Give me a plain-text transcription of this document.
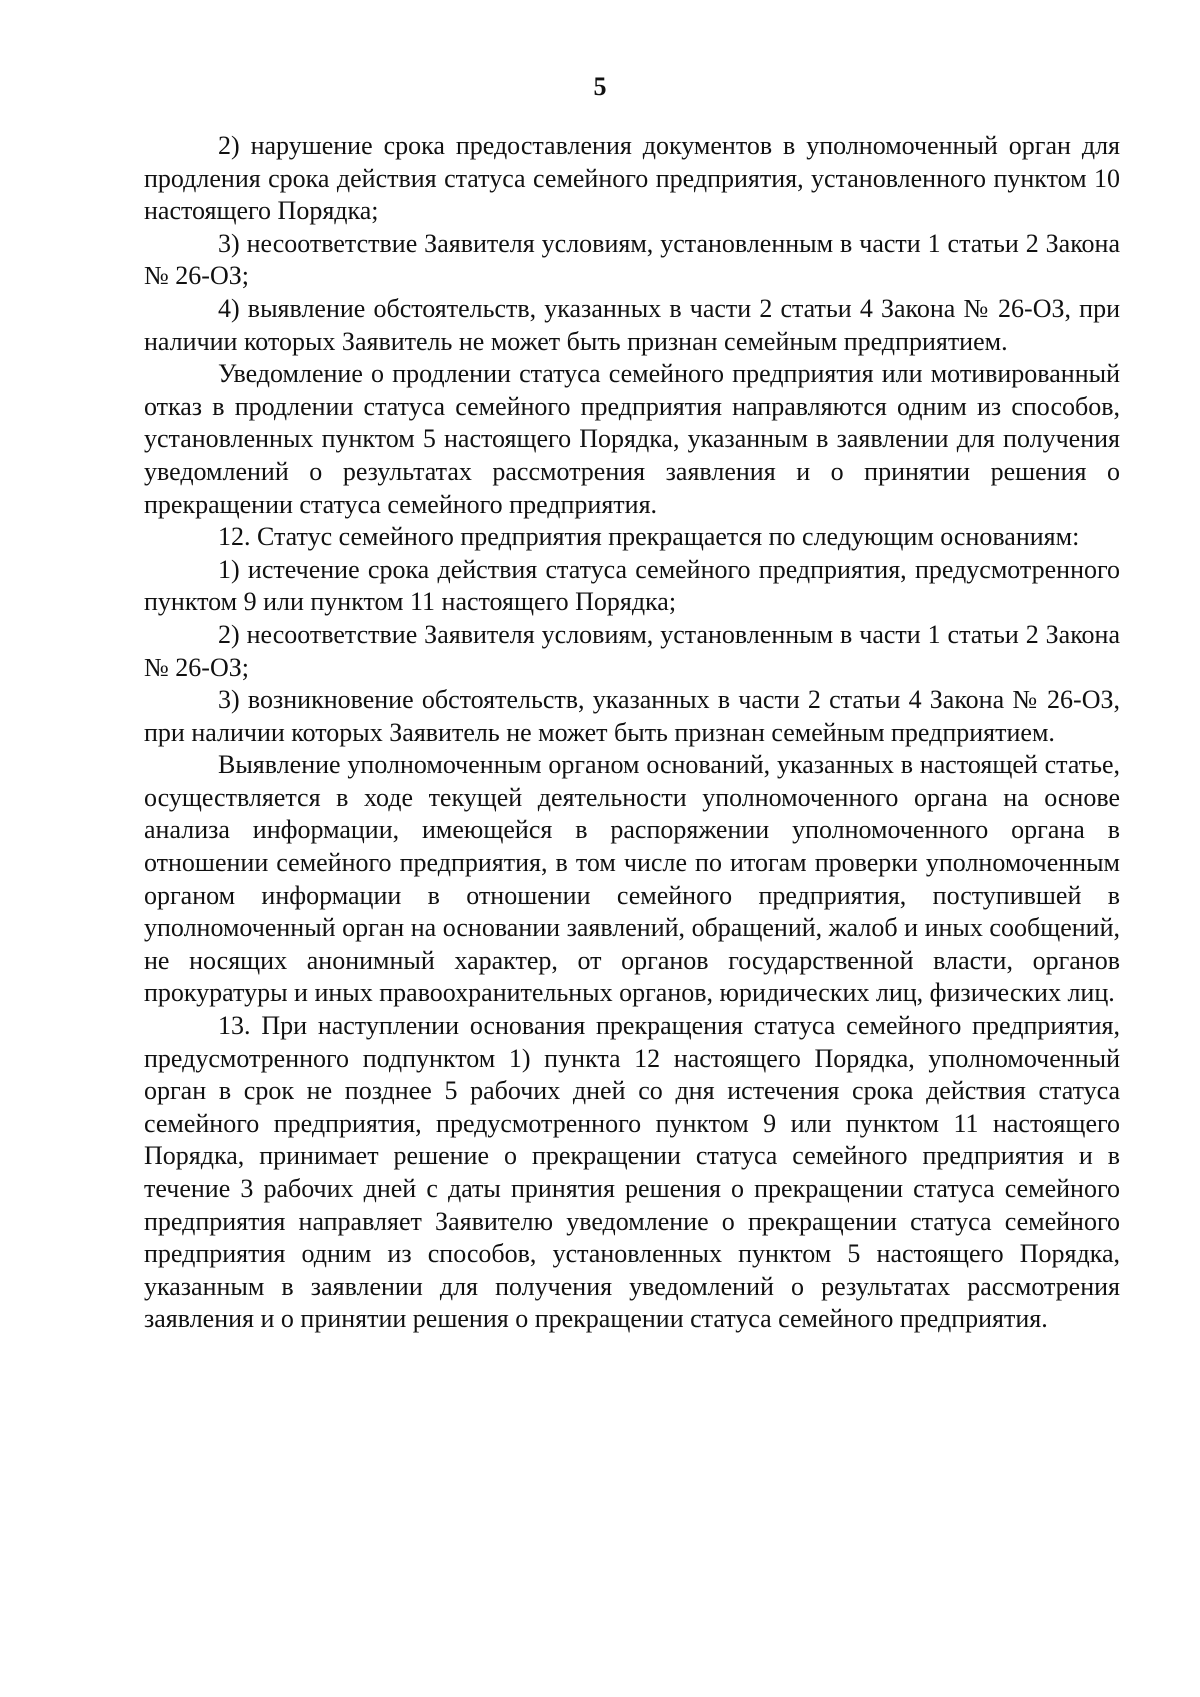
5

2) нарушение срока предоставления документов в уполномоченный орган для продления срока действия статуса семейного предприятия, установленного пунктом 10 настоящего Порядка;

3) несоответствие Заявителя условиям, установленным в части 1 статьи 2 Закона № 26-ОЗ;

4) выявление обстоятельств, указанных в части 2 статьи 4 Закона № 26-ОЗ, при наличии которых Заявитель не может быть признан семейным предприятием.

Уведомление о продлении статуса семейного предприятия или мотивированный отказ в продлении статуса семейного предприятия направляются одним из способов, установленных пунктом 5 настоящего Порядка, указанным в заявлении для получения уведомлений о результатах рассмотрения заявления и о принятии решения о прекращении статуса семейного предприятия.

12. Статус семейного предприятия прекращается по следующим основаниям:

1) истечение срока действия статуса семейного предприятия, предусмотренного пунктом 9 или пунктом 11 настоящего Порядка;

2) несоответствие Заявителя условиям, установленным в части 1 статьи 2 Закона № 26-ОЗ;

3) возникновение обстоятельств, указанных в части 2 статьи 4 Закона № 26-ОЗ, при наличии которых Заявитель не может быть признан семейным предприятием.

Выявление уполномоченным органом оснований, указанных в настоящей статье, осуществляется в ходе текущей деятельности уполномоченного органа на основе анализа информации, имеющейся в распоряжении уполномоченного органа в отношении семейного предприятия, в том числе по итогам проверки уполномоченным органом информации в отношении семейного предприятия, поступившей в уполномоченный орган на основании заявлений, обращений, жалоб и иных сообщений, не носящих анонимный характер, от органов государственной власти, органов прокуратуры и иных правоохранительных органов, юридических лиц, физических лиц.

13. При наступлении основания прекращения статуса семейного предприятия, предусмотренного подпунктом 1) пункта 12 настоящего Порядка, уполномоченный орган в срок не позднее 5 рабочих дней со дня истечения срока действия статуса семейного предприятия, предусмотренного пунктом 9 или пунктом 11 настоящего Порядка, принимает решение о прекращении статуса семейного предприятия и в течение 3 рабочих дней с даты принятия решения о прекращении статуса семейного предприятия направляет Заявителю уведомление о прекращении статуса семейного предприятия одним из способов, установленных пунктом 5 настоящего Порядка, указанным в заявлении для получения уведомлений о результатах рассмотрения заявления и о принятии решения о прекращении статуса семейного предприятия.
